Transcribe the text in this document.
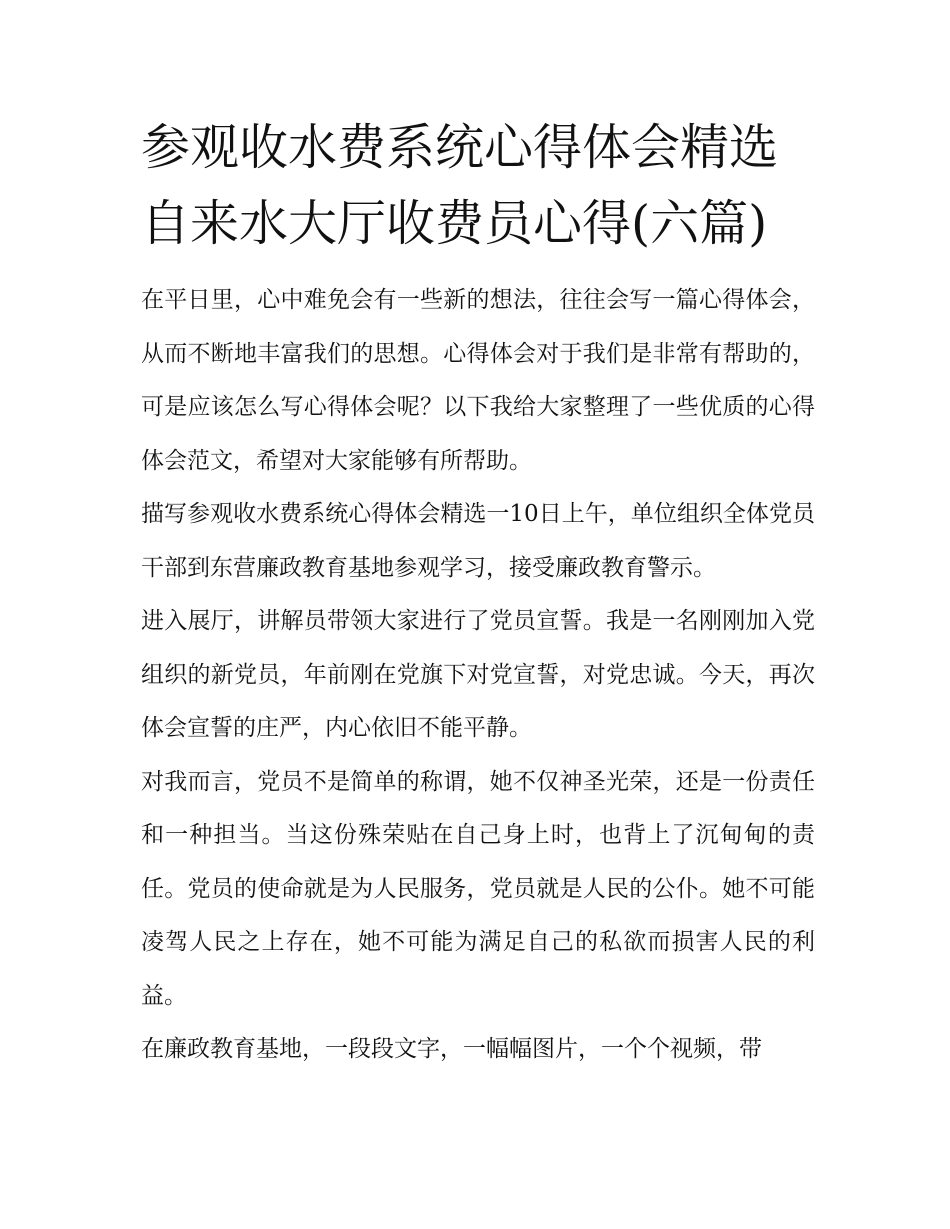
参观收水费系统心得体会精选
自来水大厅收费员心得(六篇)

在平日里，心中难免会有一些新的想法，往往会写一篇心得体会，从而不断地丰富我们的思想。心得体会对于我们是非常有帮助的，可是应该怎么写心得体会呢？以下我给大家整理了一些优质的心得体会范文，希望对大家能够有所帮助。

描写参观收水费系统心得体会精选一10日上午，单位组织全体党员干部到东营廉政教育基地参观学习，接受廉政教育警示。

进入展厅，讲解员带领大家进行了党员宣誓。我是一名刚刚加入党组织的新党员，年前刚在党旗下对党宣誓，对党忠诚。今天，再次体会宣誓的庄严，内心依旧不能平静。

对我而言，党员不是简单的称谓，她不仅神圣光荣，还是一份责任和一种担当。当这份殊荣贴在自己身上时，也背上了沉甸甸的责任。党员的使命就是为人民服务，党员就是人民的公仆。她不可能凌驾人民之上存在，她不可能为满足自己的私欲而损害人民的利益。

在廉政教育基地，一段段文字，一幅幅图片，一个个视频，带
